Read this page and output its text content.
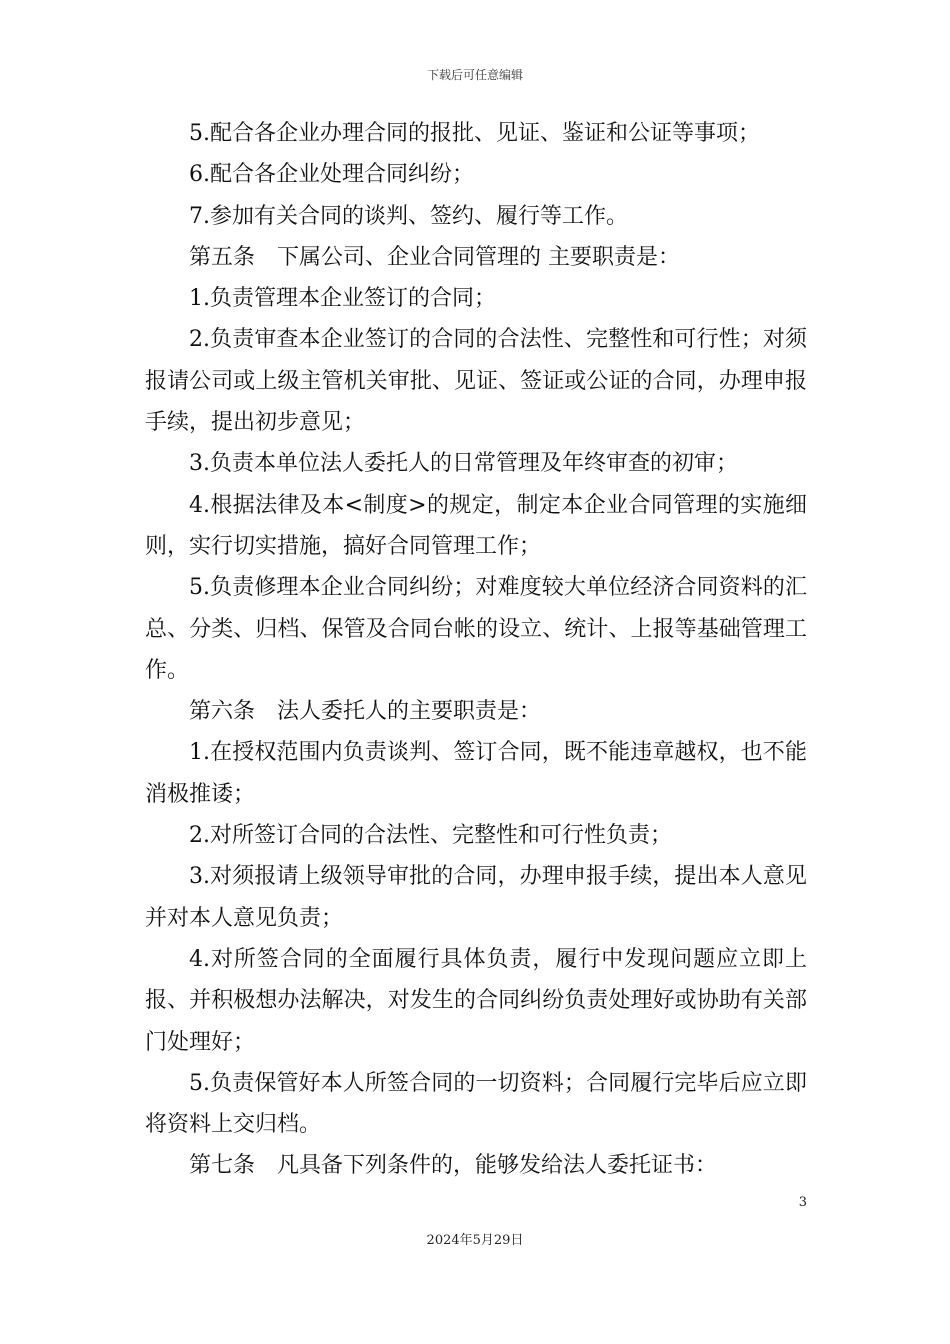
下载后可任意编辑

5.配合各企业办理合同的报批、见证、鉴证和公证等事项；

6.配合各企业处理合同纠纷；

7.参加有关合同的谈判、签约、履行等工作。

第五条　下属公司、企业合同管理的 主要职责是：

1.负责管理本企业签订的合同；

2.负责审查本企业签订的合同的合法性、完整性和可行性；对须报请公司或上级主管机关审批、见证、签证或公证的合同，办理申报手续，提出初步意见；

3.负责本单位法人委托人的日常管理及年终审查的初审；

4.根据法律及本<制度>的规定，制定本企业合同管理的实施细则，实行切实措施，搞好合同管理工作；

5.负责修理本企业合同纠纷；对难度较大单位经济合同资料的汇总、分类、归档、保管及合同台帐的设立、统计、上报等基础管理工作。

第六条　法人委托人的主要职责是：

1.在授权范围内负责谈判、签订合同，既不能违章越权，也不能消极推诿；

2.对所签订合同的合法性、完整性和可行性负责；

3.对须报请上级领导审批的合同，办理申报手续，提出本人意见并对本人意见负责；

4.对所签合同的全面履行具体负责，履行中发现问题应立即上报、并积极想办法解决，对发生的合同纠纷负责处理好或协助有关部门处理好；

5.负责保管好本人所签合同的一切资料；合同履行完毕后应立即将资料上交归档。

第七条　凡具备下列条件的，能够发给法人委托证书：

3
2024年5月29日
